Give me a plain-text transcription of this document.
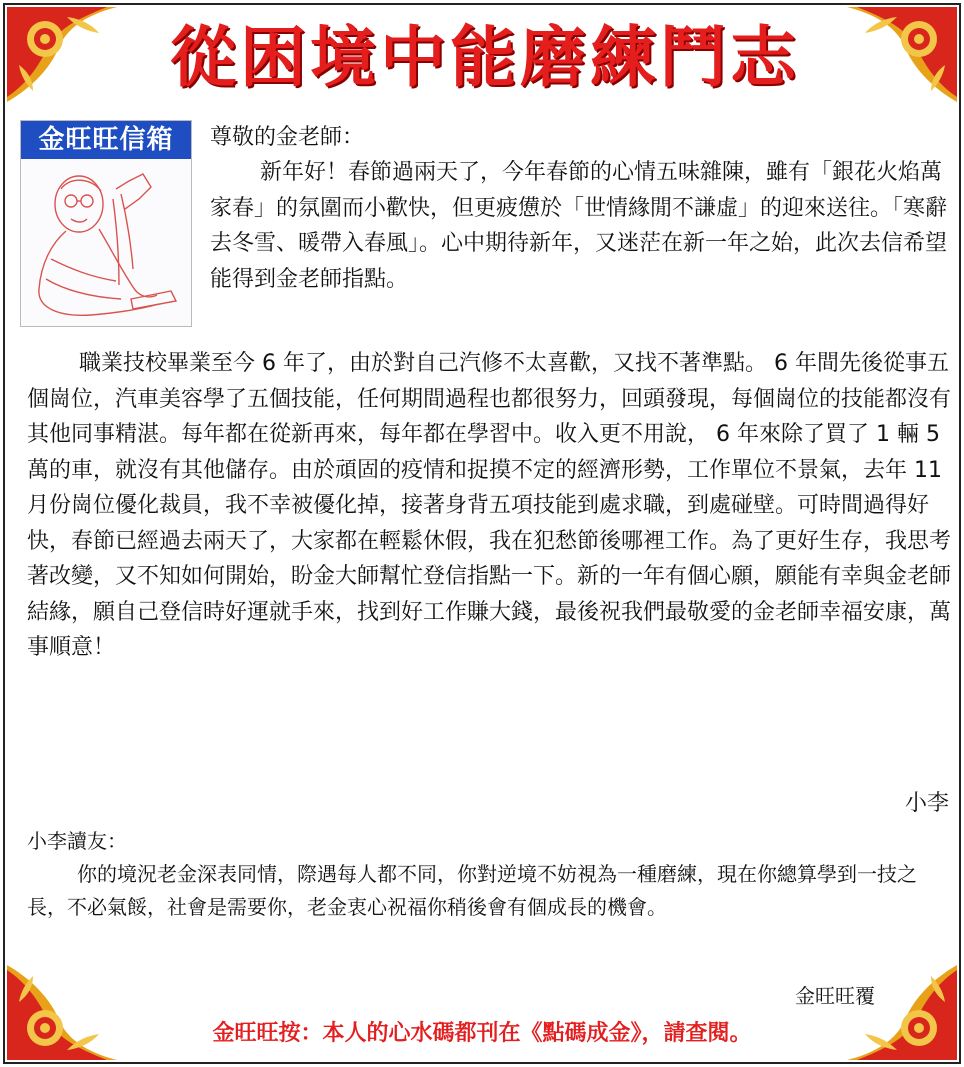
從困境中能磨練鬥志
金旺旺信箱	尊敬的金老師：
新年好！春節過兩天了，今年春節的心情五味雜陳，雖有「銀花火焰萬家春」的氛圍而小歡快，但更疲憊於「世情緣閒不謙虛」的迎來送往。「寒辭去冬雪、暖帶入春風」。心中期待新年，又迷茫在新一年之始，此次去信希望能得到金老師指點。
職業技校畢業至今 6 年了，由於對自己汽修不太喜歡，又找不著準點。 6 年間先後從事五個崗位，汽車美容學了五個技能，任何期間過程也都很努力，回頭發現，每個崗位的技能都沒有其他同事精湛。每年都在從新再來，每年都在學習中。收入更不用說， 6 年來除了買了 1 輛 5 萬的車，就沒有其他儲存。由於頑固的疫情和捉摸不定的經濟形勢，工作單位不景氣，去年 11 月份崗位優化裁員，我不幸被優化掉，接著身背五項技能到處求職，到處碰壁。可時間過得好快，春節已經過去兩天了，大家都在輕鬆休假，我在犯愁節後哪裡工作。為了更好生存，我思考著改變，又不知如何開始，盼金大師幫忙登信指點一下。新的一年有個心願，願能有幸與金老師結緣，願自己登信時好運就手來，找到好工作賺大錢，最後祝我們最敬愛的金老師幸福安康，萬事順意！
小李
小李讀友：
你的境況老金深表同情，際遇每人都不同，你對逆境不妨視為一種磨練，現在你總算學到一技之長，不必氣餒，社會是需要你，老金衷心祝福你稍後會有個成長的機會。
金旺旺覆
金旺旺按：本人的心水碼都刊在《點碼成金》，請查閱。
